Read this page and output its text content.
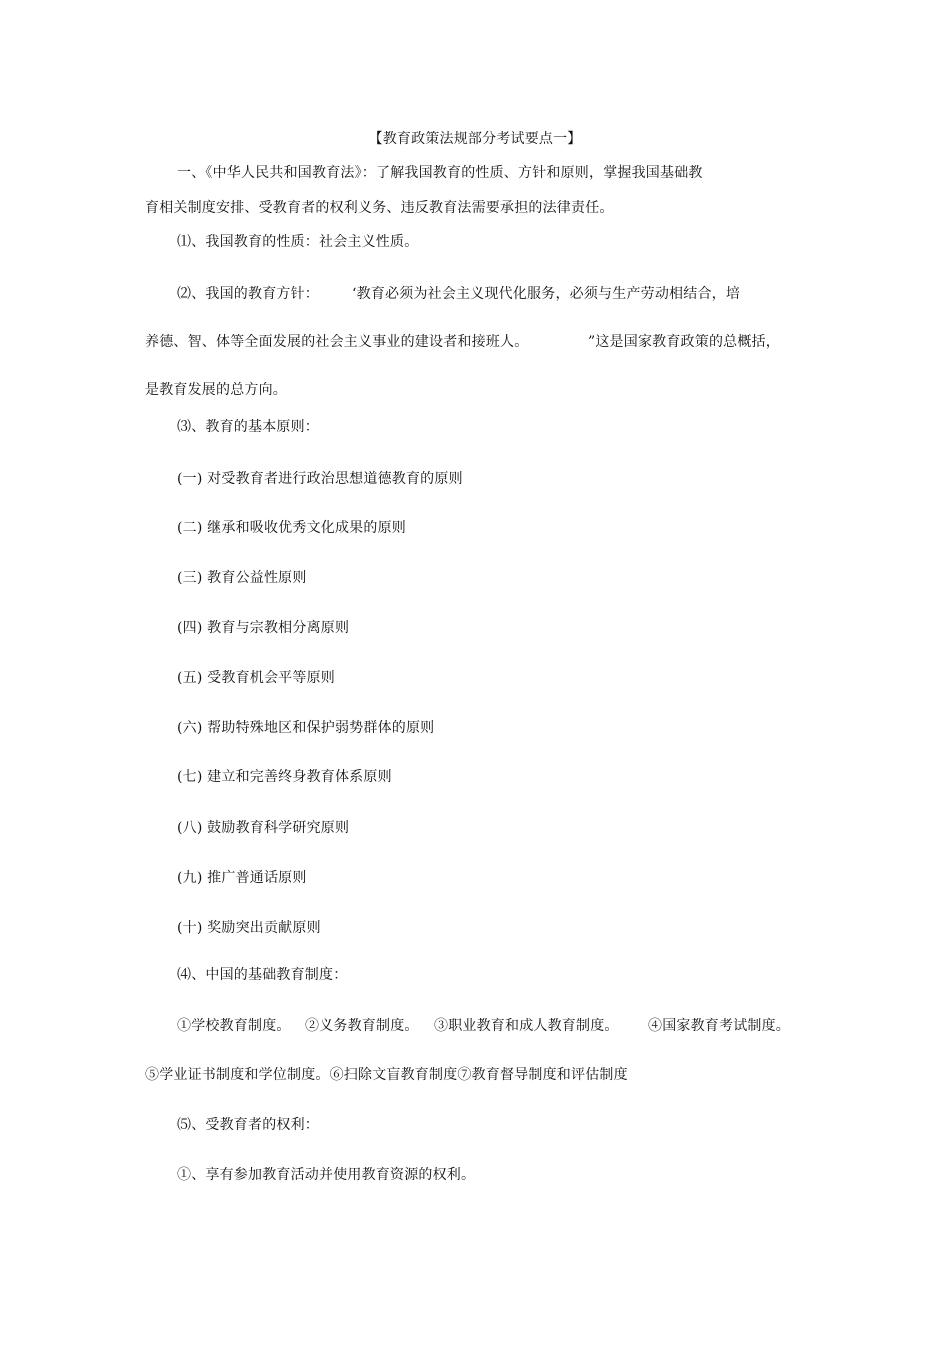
【教育政策法规部分考试要点一】
一、《中华人民共和国教育法》：了解我国教育的性质、方针和原则，掌握我国基础教
育相关制度安排、受教育者的权利义务、违反教育法需要承担的法律责任。
⑴、我国教育的性质：社会主义性质。
⑵、我国的教育方针： ‘教育必须为社会主义现代化服务，必须与生产劳动相结合，培
养德、智、体等全面发展的社会主义事业的建设者和接班人。	”这是国家教育政策的总概括，
是教育发展的总方向。
⑶、教育的基本原则：
(一) 对受教育者进行政治思想道德教育的原则
(二) 继承和吸收优秀文化成果的原则
(三) 教育公益性原则
(四) 教育与宗教相分离原则
(五) 受教育机会平等原则
(六) 帮助特殊地区和保护弱势群体的原则
(七) 建立和完善终身教育体系原则
(八) 鼓励教育科学研究原则
(九) 推广普通话原则
(十) 奖励突出贡献原则
⑷、中国的基础教育制度：
①学校教育制度。 ②义务教育制度。 ③职业教育和成人教育制度。 ④国家教育考试制度。
⑤学业证书制度和学位制度。⑥扫除文盲教育制度⑦教育督导制度和评估制度
⑸、受教育者的权利：
①、享有参加教育活动并使用教育资源的权利。
